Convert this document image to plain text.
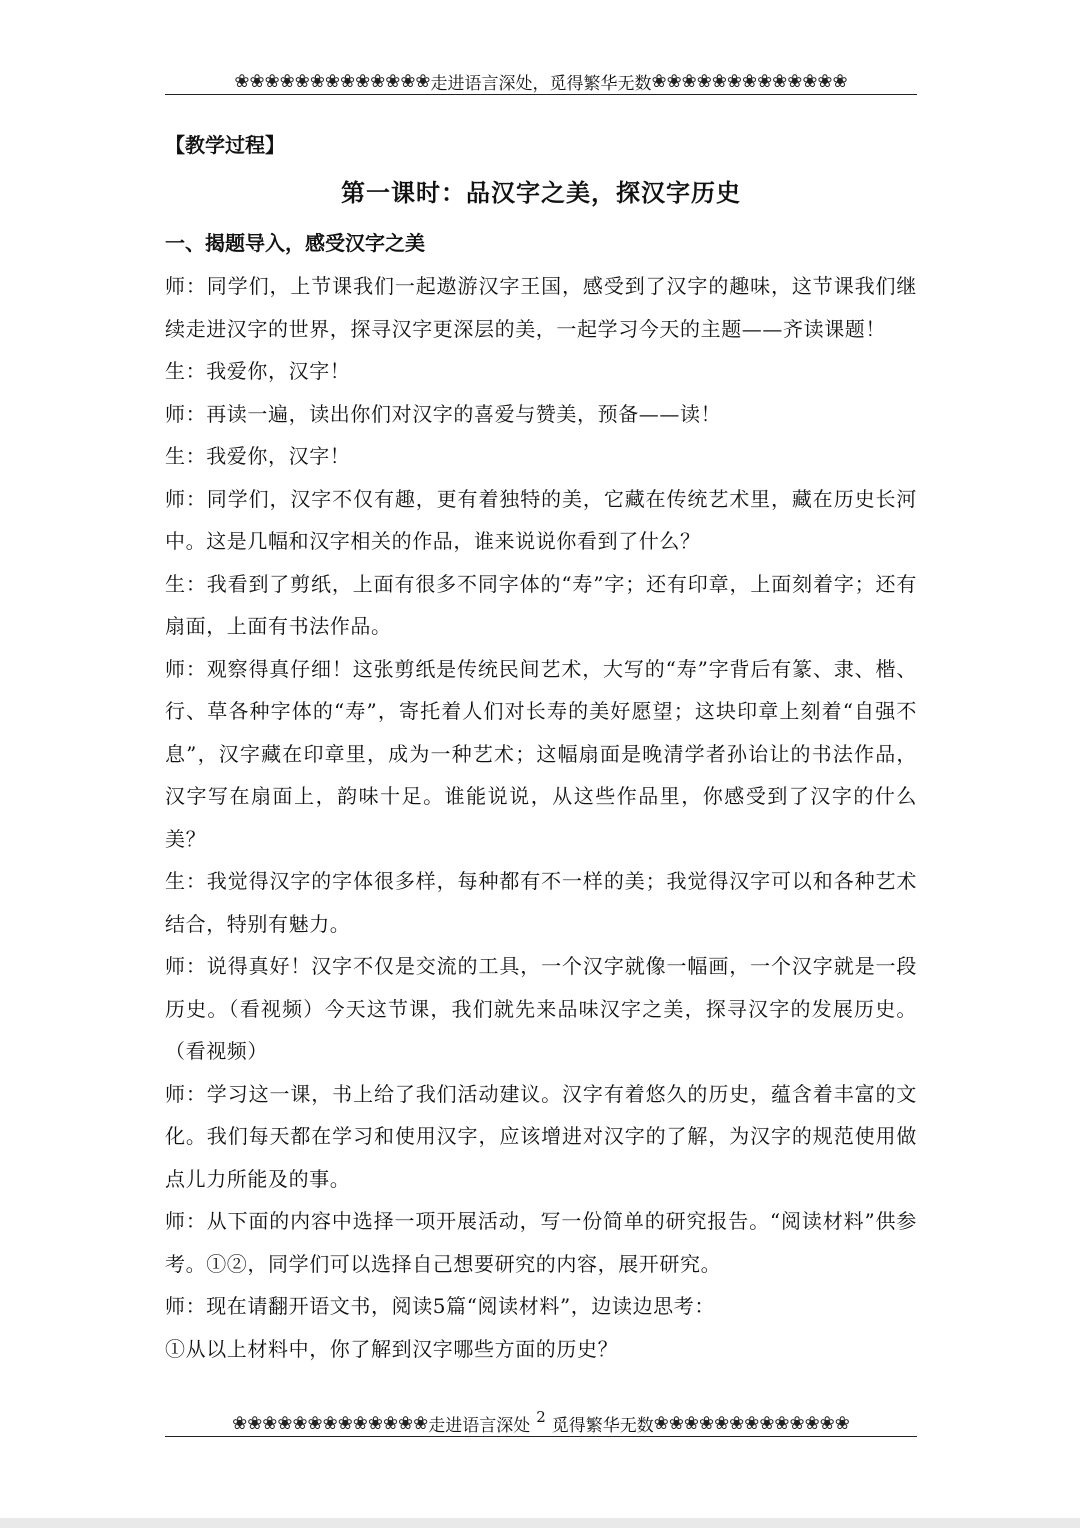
❀❀❀❀❀❀❀❀❀❀❀❀❀ 走进语言深处，觅得繁华无数 ❀❀❀❀❀❀❀❀❀❀❀❀❀

【教学过程】

第一课时：品汉字之美，探汉字历史

一、揭题导入，感受汉字之美

师：同学们，上节课我们一起遨游汉字王国，感受到了汉字的趣味，这节课我们继续走进汉字的世界，探寻汉字更深层的美，一起学习今天的主题——齐读课题！

生：我爱你，汉字！

师：再读一遍，读出你们对汉字的喜爱与赞美，预备——读！

生：我爱你，汉字！

师：同学们，汉字不仅有趣，更有着独特的美，它藏在传统艺术里，藏在历史长河中。这是几幅和汉字相关的作品，谁来说说你看到了什么？

生：我看到了剪纸，上面有很多不同字体的“寿”字；还有印章，上面刻着字；还有扇面，上面有书法作品。

师：观察得真仔细！这张剪纸是传统民间艺术，大写的“寿”字背后有篆、隶、楷、行、草各种字体的“寿”，寄托着人们对长寿的美好愿望；这块印章上刻着“自强不息”，汉字藏在印章里，成为一种艺术；这幅扇面是晚清学者孙诒让的书法作品，汉字写在扇面上，韵味十足。谁能说说，从这些作品里，你感受到了汉字的什么美？

生：我觉得汉字的字体很多样，每种都有不一样的美；我觉得汉字可以和各种艺术结合，特别有魅力。

师：说得真好！汉字不仅是交流的工具，一个汉字就像一幅画，一个汉字就是一段历史。（看视频）今天这节课，我们就先来品味汉字之美，探寻汉字的发展历史。（看视频）

师：学习这一课，书上给了我们活动建议。汉字有着悠久的历史，蕴含着丰富的文化。我们每天都在学习和使用汉字，应该增进对汉字的了解，为汉字的规范使用做点儿力所能及的事。

师：从下面的内容中选择一项开展活动，写一份简单的研究报告。“阅读材料”供参考。①②，同学们可以选择自己想要研究的内容，展开研究。

师：现在请翻开语文书，阅读5篇“阅读材料”，边读边思考：

①从以上材料中，你了解到汉字哪些方面的历史？

❀❀❀❀❀❀❀❀❀❀❀❀❀ 走进语言深处 2 觅得繁华无数 ❀❀❀❀❀❀❀❀❀❀❀❀❀
